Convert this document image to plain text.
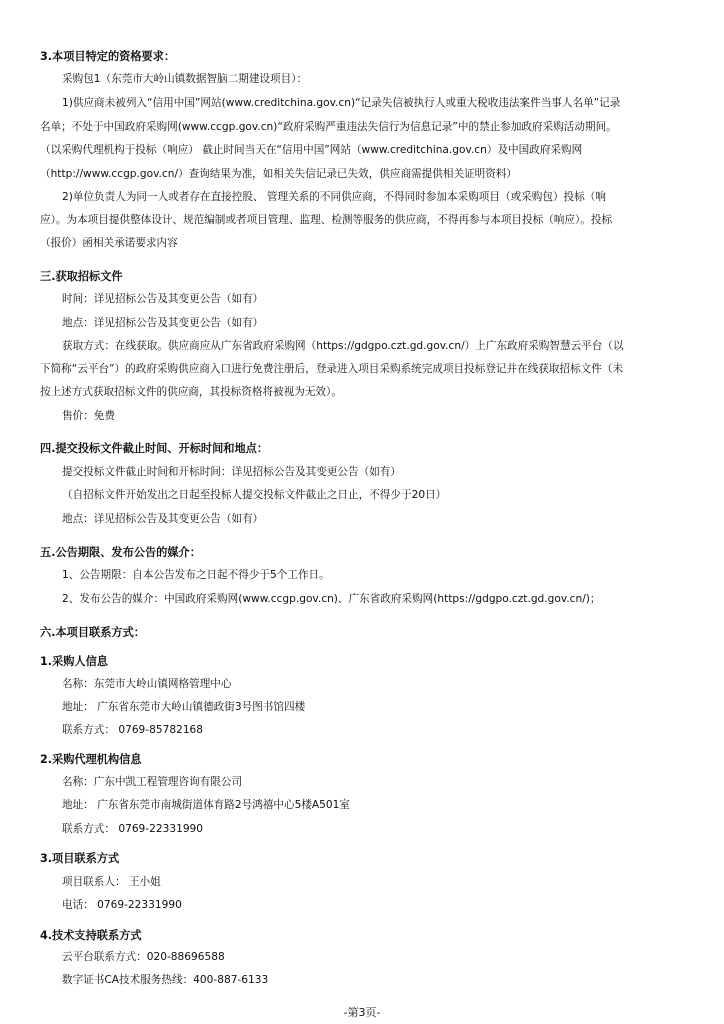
3.本项目特定的资格要求：
采购包1（东莞市大岭山镇数据智脑二期建设项目）：
1)供应商未被列入“信用中国”网站(www.creditchina.gov.cn)“记录失信被执行人或重大税收违法案件当事人名单”记录
名单；不处于中国政府采购网(www.ccgp.gov.cn)“政府采购严重违法失信行为信息记录”中的禁止参加政府采购活动期间。
（以采购代理机构于投标（响应） 截止时间当天在“信用中国”网站（www.creditchina.gov.cn）及中国政府采购网
（http://www.ccgp.gov.cn/）查询结果为准，如相关失信记录已失效，供应商需提供相关证明资料）
2)单位负责人为同一人或者存在直接控股、 管理关系的不同供应商，不得同时参加本采购项目（或采购包）投标（响
应）。为本项目提供整体设计、规范编制或者项目管理、监理、检测等服务的供应商，不得再参与本项目投标（响应）。投标
（报价）函相关承诺要求内容
三.获取招标文件
时间：详见招标公告及其变更公告（如有）
地点：详见招标公告及其变更公告（如有）
获取方式：在线获取。供应商应从广东省政府采购网（https://gdgpo.czt.gd.gov.cn/）上广东政府采购智慧云平台（以
下简称“云平台”）的政府采购供应商入口进行免费注册后，登录进入项目采购系统完成项目投标登记并在线获取招标文件（未
按上述方式获取招标文件的供应商，其投标资格将被视为无效）。
售价：免费
四.提交投标文件截止时间、开标时间和地点：
提交投标文件截止时间和开标时间：详见招标公告及其变更公告（如有）
（自招标文件开始发出之日起至投标人提交投标文件截止之日止，不得少于20日）
地点：详见招标公告及其变更公告（如有）
五.公告期限、发布公告的媒介：
1、公告期限：自本公告发布之日起不得少于5个工作日。
2、发布公告的媒介：中国政府采购网(www.ccgp.gov.cn)、广东省政府采购网(https://gdgpo.czt.gd.gov.cn/)；
六.本项目联系方式：
1.采购人信息
名称：东莞市大岭山镇网格管理中心
地址： 广东省东莞市大岭山镇德政街3号图书馆四楼
联系方式： 0769-85782168
2.采购代理机构信息
名称：广东中凯工程管理咨询有限公司
地址： 广东省东莞市南城街道体育路2号鸿禧中心5楼A501室
联系方式： 0769-22331990
3.项目联系方式
项目联系人： 王小姐
电话： 0769-22331990
4.技术支持联系方式
云平台联系方式：020-88696588
数字证书CA技术服务热线：400-887-6133
-第3页-
